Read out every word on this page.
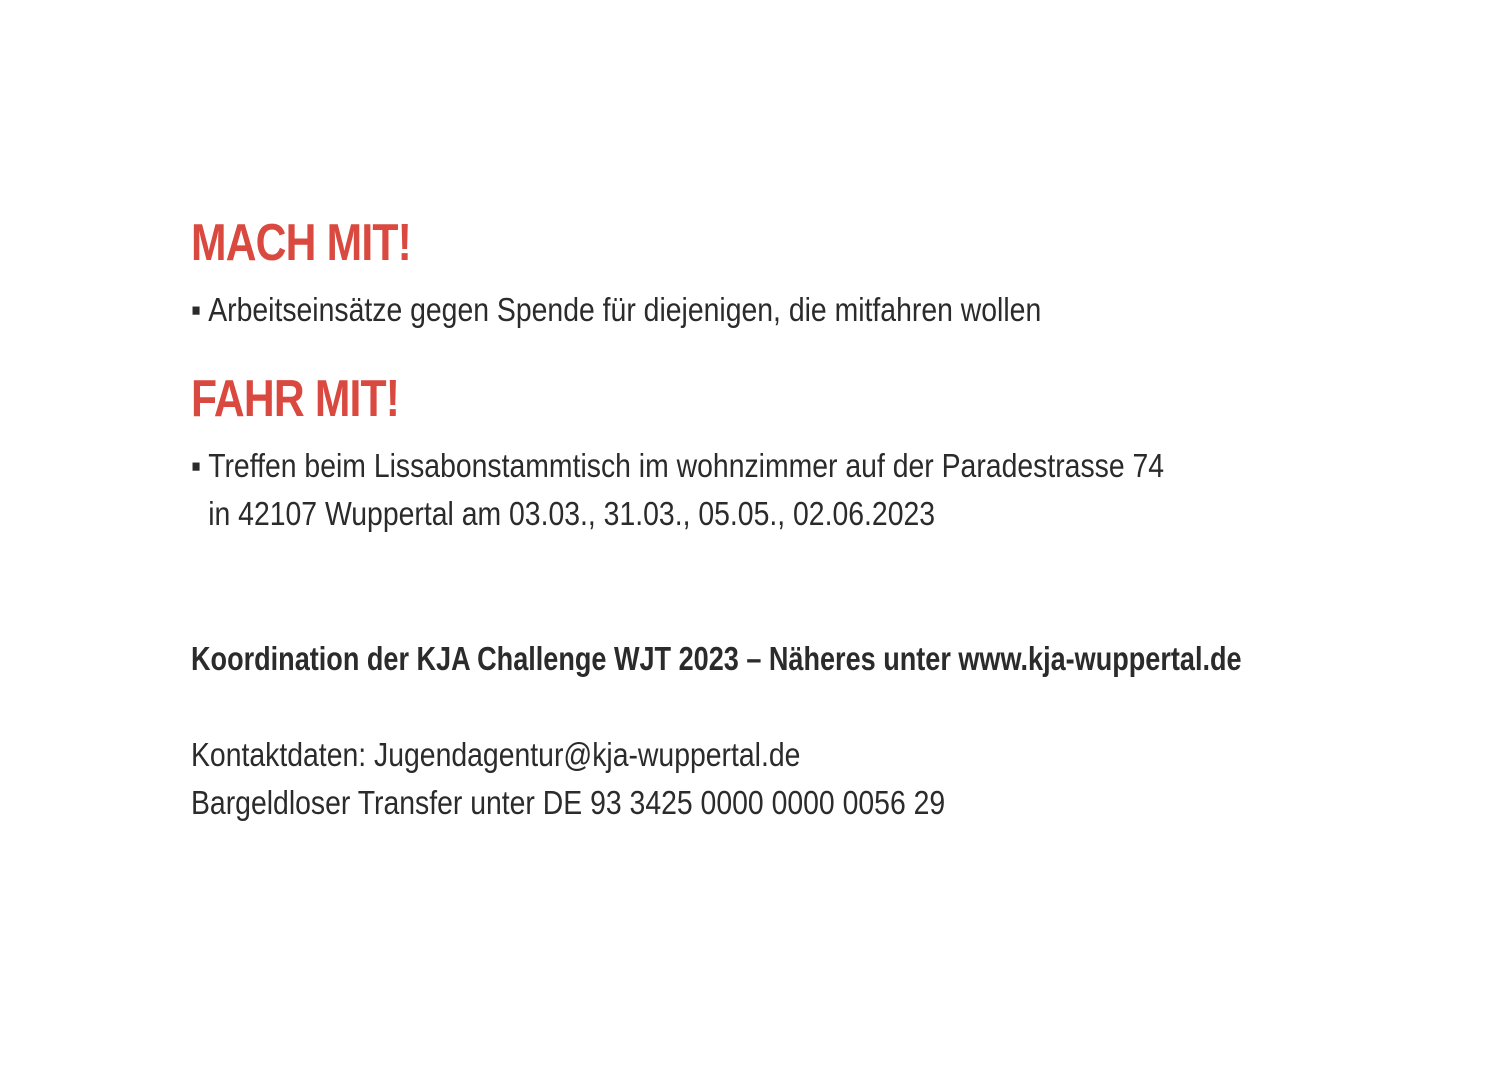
MACH MIT!
▪ Arbeitseinsätze gegen Spende für diejenigen, die mitfahren wollen
FAHR MIT!
▪ Treffen beim Lissabonstammtisch im wohnzimmer auf der Paradestrasse 74
in 42107 Wuppertal am 03.03., 31.03., 05.05., 02.06.2023
Koordination der KJA Challenge WJT 2023 – Näheres unter www.kja-wuppertal.de
Kontaktdaten: Jugendagentur@kja-wuppertal.de
Bargeldloser Transfer unter DE 93 3425 0000 0000 0056 29
